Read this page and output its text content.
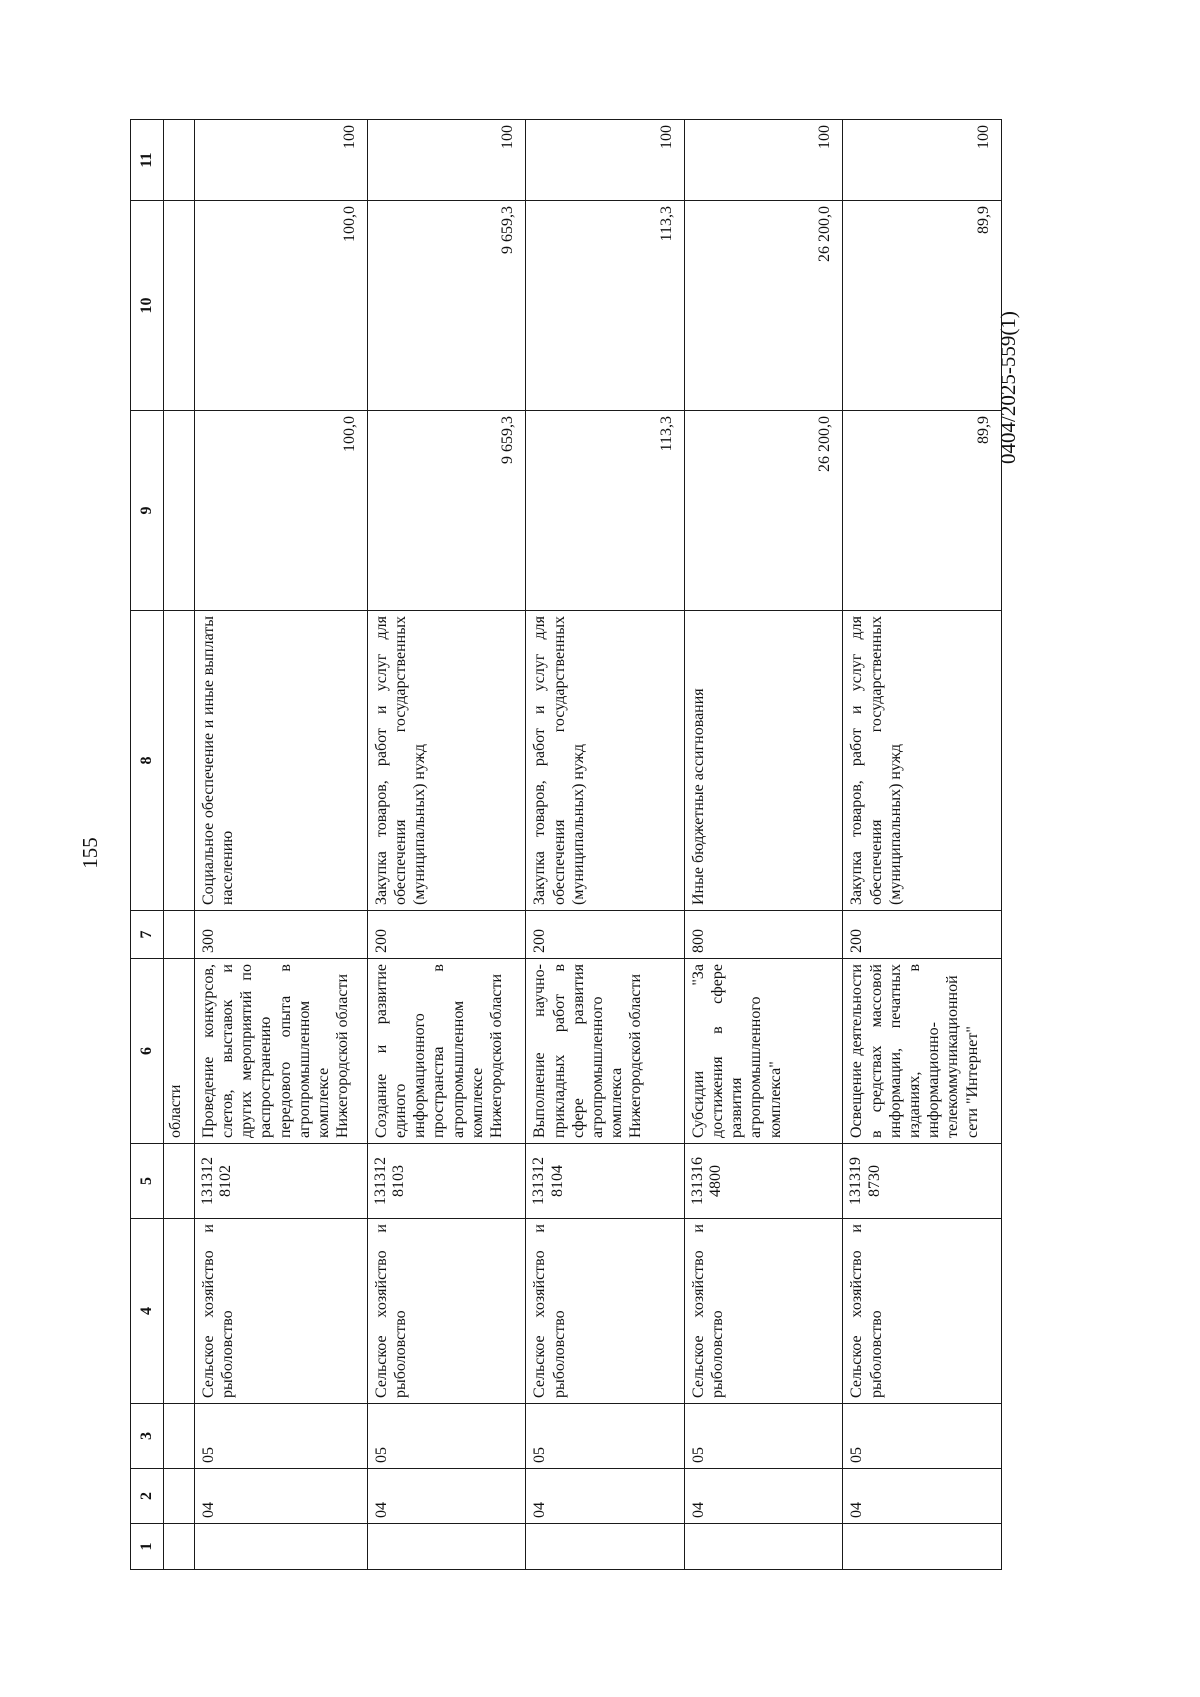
155
0404/2025-559(1)
1	2	3	4	5	6	7	8	9	10	11
					области					
	04	05	Сельское хозяйство и рыболовство	131312 8102	Проведение конкурсов, слетов, выставок и других мероприятий по распространению передового опыта в агропромышленном комплексе Нижегородской области	300	Социальное обеспечение и иные выплаты населению	100,0	100,0	100
	04	05	Сельское хозяйство и рыболовство	131312 8103	Создание и развитие единого информационного пространства в агропромышленном комплексе Нижегородской области	200	Закупка товаров, работ и услуг для обеспечения государственных (муниципальных) нужд	9 659,3	9 659,3	100
	04	05	Сельское хозяйство и рыболовство	131312 8104	Выполнение научно-прикладных работ в сфере развития агропромышленного комплекса Нижегородской области	200	Закупка товаров, работ и услуг для обеспечения государственных (муниципальных) нужд	113,3	113,3	100
	04	05	Сельское хозяйство и рыболовство	131316 4800	Субсидии "За достижения в сфере развития агропромышленного комплекса"	800	Иные бюджетные ассигнования	26 200,0	26 200,0	100
	04	05	Сельское хозяйство и рыболовство	131319 8730	Освещение деятельности в средствах массовой информации, печатных изданиях, в информационно-телекоммуникационной сети "Интернет"	200	Закупка товаров, работ и услуг для обеспечения государственных (муниципальных) нужд	89,9	89,9	100
